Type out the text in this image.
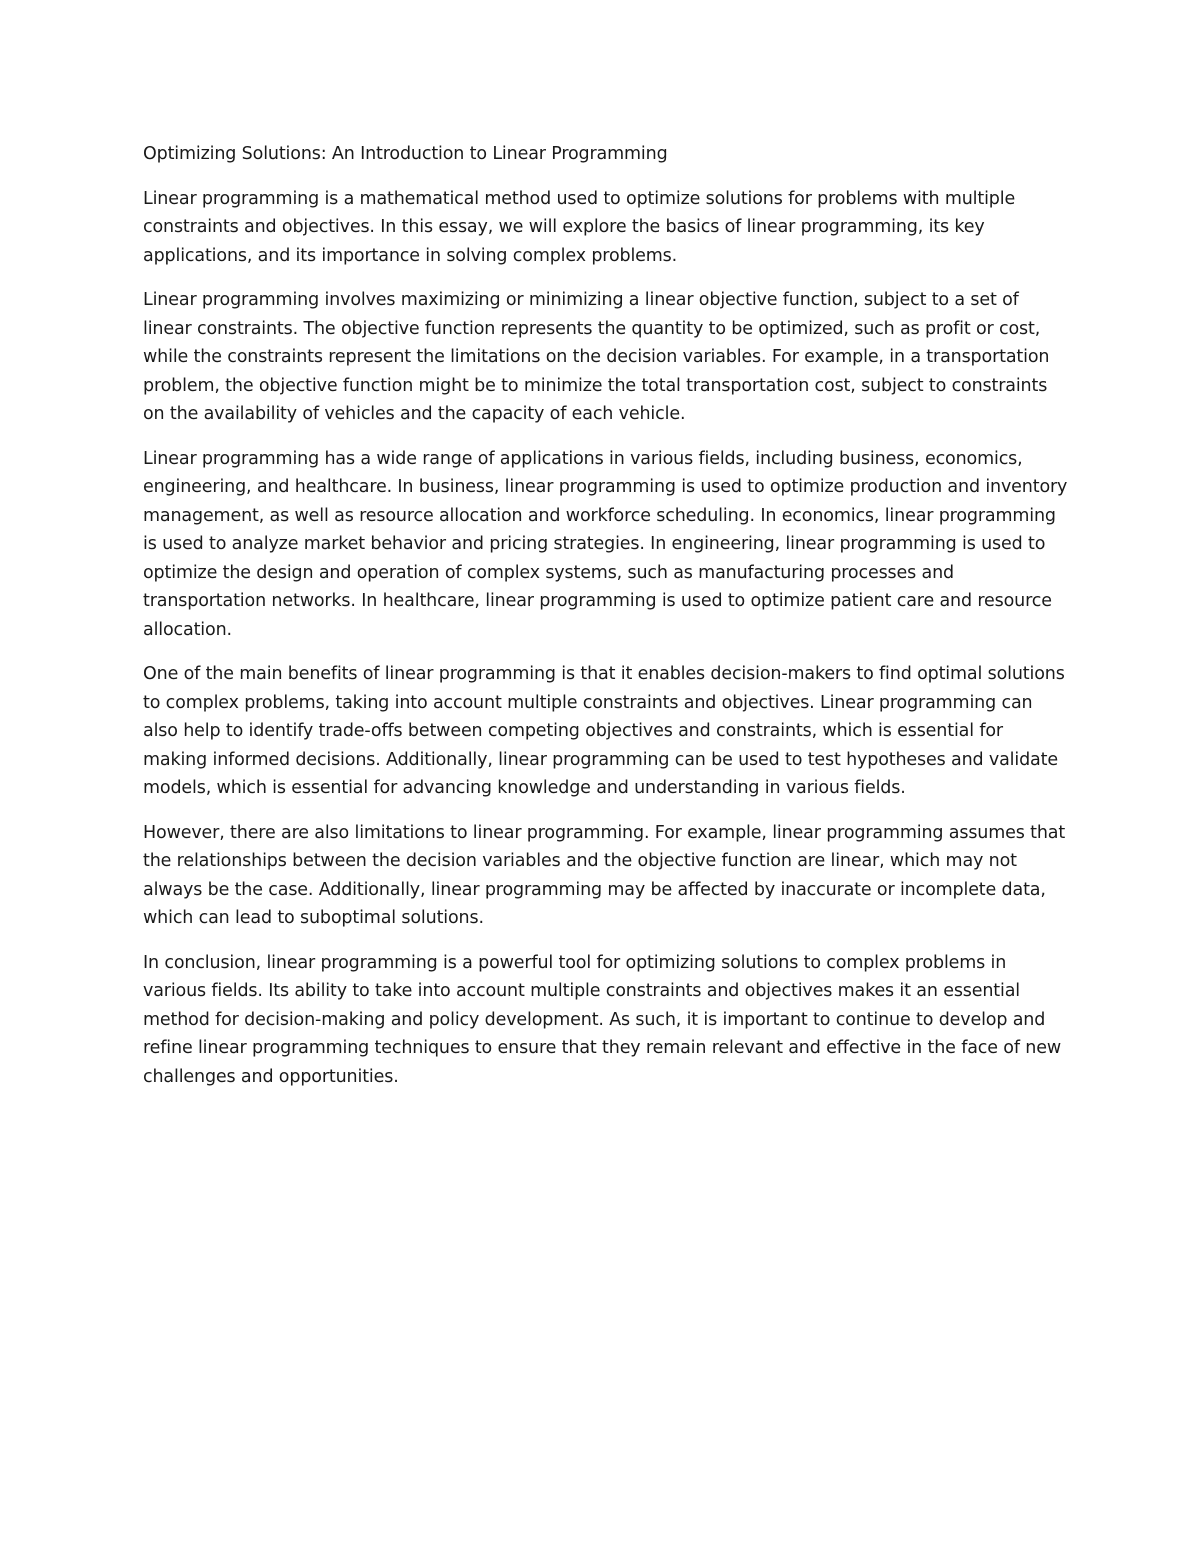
Optimizing Solutions: An Introduction to Linear Programming

Linear programming is a mathematical method used to optimize solutions for problems with multiple constraints and objectives. In this essay, we will explore the basics of linear programming, its key applications, and its importance in solving complex problems.

Linear programming involves maximizing or minimizing a linear objective function, subject to a set of linear constraints. The objective function represents the quantity to be optimized, such as profit or cost, while the constraints represent the limitations on the decision variables. For example, in a transportation problem, the objective function might be to minimize the total transportation cost, subject to constraints on the availability of vehicles and the capacity of each vehicle.

Linear programming has a wide range of applications in various fields, including business, economics, engineering, and healthcare. In business, linear programming is used to optimize production and inventory management, as well as resource allocation and workforce scheduling. In economics, linear programming is used to analyze market behavior and pricing strategies. In engineering, linear programming is used to optimize the design and operation of complex systems, such as manufacturing processes and transportation networks. In healthcare, linear programming is used to optimize patient care and resource allocation.

One of the main benefits of linear programming is that it enables decision-makers to find optimal solutions to complex problems, taking into account multiple constraints and objectives. Linear programming can also help to identify trade-offs between competing objectives and constraints, which is essential for making informed decisions. Additionally, linear programming can be used to test hypotheses and validate models, which is essential for advancing knowledge and understanding in various fields.

However, there are also limitations to linear programming. For example, linear programming assumes that the relationships between the decision variables and the objective function are linear, which may not always be the case. Additionally, linear programming may be affected by inaccurate or incomplete data, which can lead to suboptimal solutions.

In conclusion, linear programming is a powerful tool for optimizing solutions to complex problems in various fields. Its ability to take into account multiple constraints and objectives makes it an essential method for decision-making and policy development. As such, it is important to continue to develop and refine linear programming techniques to ensure that they remain relevant and effective in the face of new challenges and opportunities.
